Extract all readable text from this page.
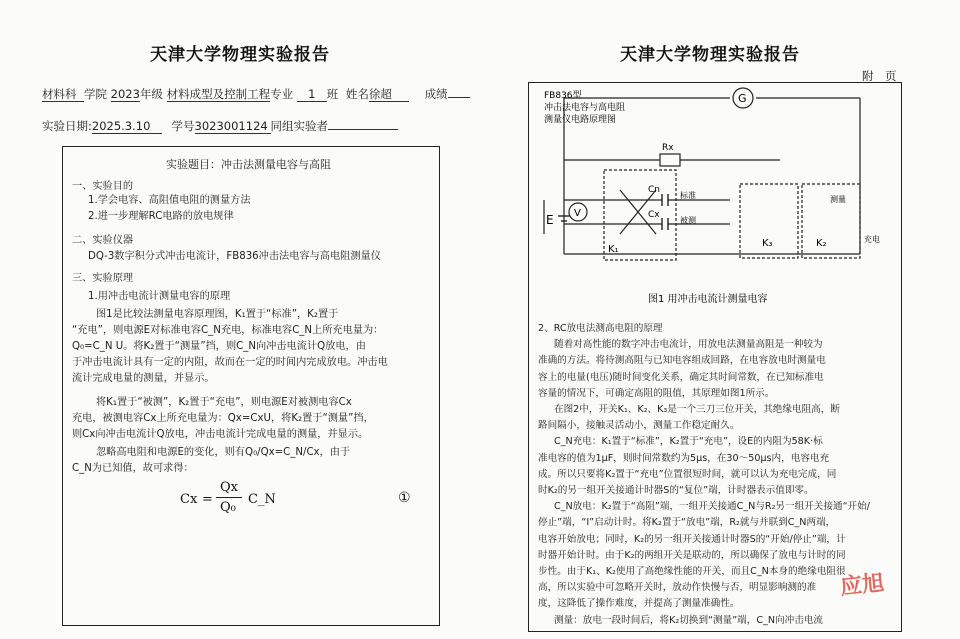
天津大学物理实验报告
材料科 学院 2023年级 材料成型及控制工程专业 1 班 姓名徐超	成绩
实验日期:2025.3.10 学号3023001124 同组实验者
实验题目：冲击法测量电容与高阻
一、实验目的
1.学会电容、高阻值电阻的测量方法
2.进一步理解RC电路的放电规律
二、实验仪器
DQ-3数字积分式冲击电流计，FB836冲击法电容与高电阻测量仪
三、实验原理
1.用冲击电流计测量电容的原理
图1是比较法测量电容原理图，K₁置于“标准”，K₂置于
“充电”，则电源E对标准电容C_N充电，标准电容C_N上所充电量为：
Q₀=C_N U。将K₂置于“测量”挡，则C_N向冲击电流计Q放电，由
于冲击电流计具有一定的内阻，故而在一定的时间内完成放电。冲击电
流计完成电量的测量，并显示。
将K₁置于“被测”，K₂置于“充电”，则电源E对被测电容Cx
充电，被测电容Cx上所充电量为：Qx=CxU，将K₂置于“测量”挡，
则Cx向冲击电流计Q放电，冲击电流计完成电量的测量，并显示。
忽略高电阻和电源E的变化，则有Q₀/Qx=C_N/Cx，由于
C_N为已知值，故可求得：
Cx =
Qx
Q₀
C_N	①
天津大学物理实验报告
附　页
G
V
E
Rx
Cn
Cx
标准
被测
K₁
K₃	K₂
测量
充电
FB836型
冲击法电容与高电阻
测量仪电路原理图
图1 用冲击电流计测量电容
2、RC放电法测高电阻的原理
随着对高性能的数字冲击电流计，用放电法测量高阻是一种较为
准确的方法。将待测高阻与已知电容组成回路，在电容放电时测量电
容上的电量(电压)随时间变化关系，确定其时间常数，在已知标准电
容量的情况下，可确定高阻的阻值，其原理如图1所示。
在图2中，开关K₁、K₂、K₃是一个三刀三位开关，其绝缘电阻高，断
路间隔小，接触灵活动小，测量工作稳定耐久。
C_N充电：K₁置于“标准”，K₂置于“充电”，设E的内阻为58K·标
准电容的值为1μF，则时间常数约为5μs，在30～50μs内，电容电充
成。所以只要将K₂置于“充电”位置很短时间，就可以认为充电完成，同
时K₂的另一组开关接通计时器S的“复位”端，计时器表示值即零。
C_N放电：K₂置于“高阻”端，一组开关接通C_N与R₂另一组开关接通“开始/
停止”端，“I”启动计时。将K₂置于“放电”端，R₂就与并联到C_N两端，
电容开始放电；同时，K₂的另一组开关接通计时器S的“开始/停止”端，计
时器开始计时。由于K₂的两组开关是联动的，所以确保了放电与计时的同
步性。由于K₁、K₂使用了高绝缘性能的开关，而且C_N本身的绝缘电阻很
高，所以实验中可忽略开关时，放动作快慢与否，明显影响测的准
度，这降低了操作难度，并提高了测量准确性。
测量：放电一段时间后，将K₂切换到“测量”端，C_N向冲击电流
应旭
